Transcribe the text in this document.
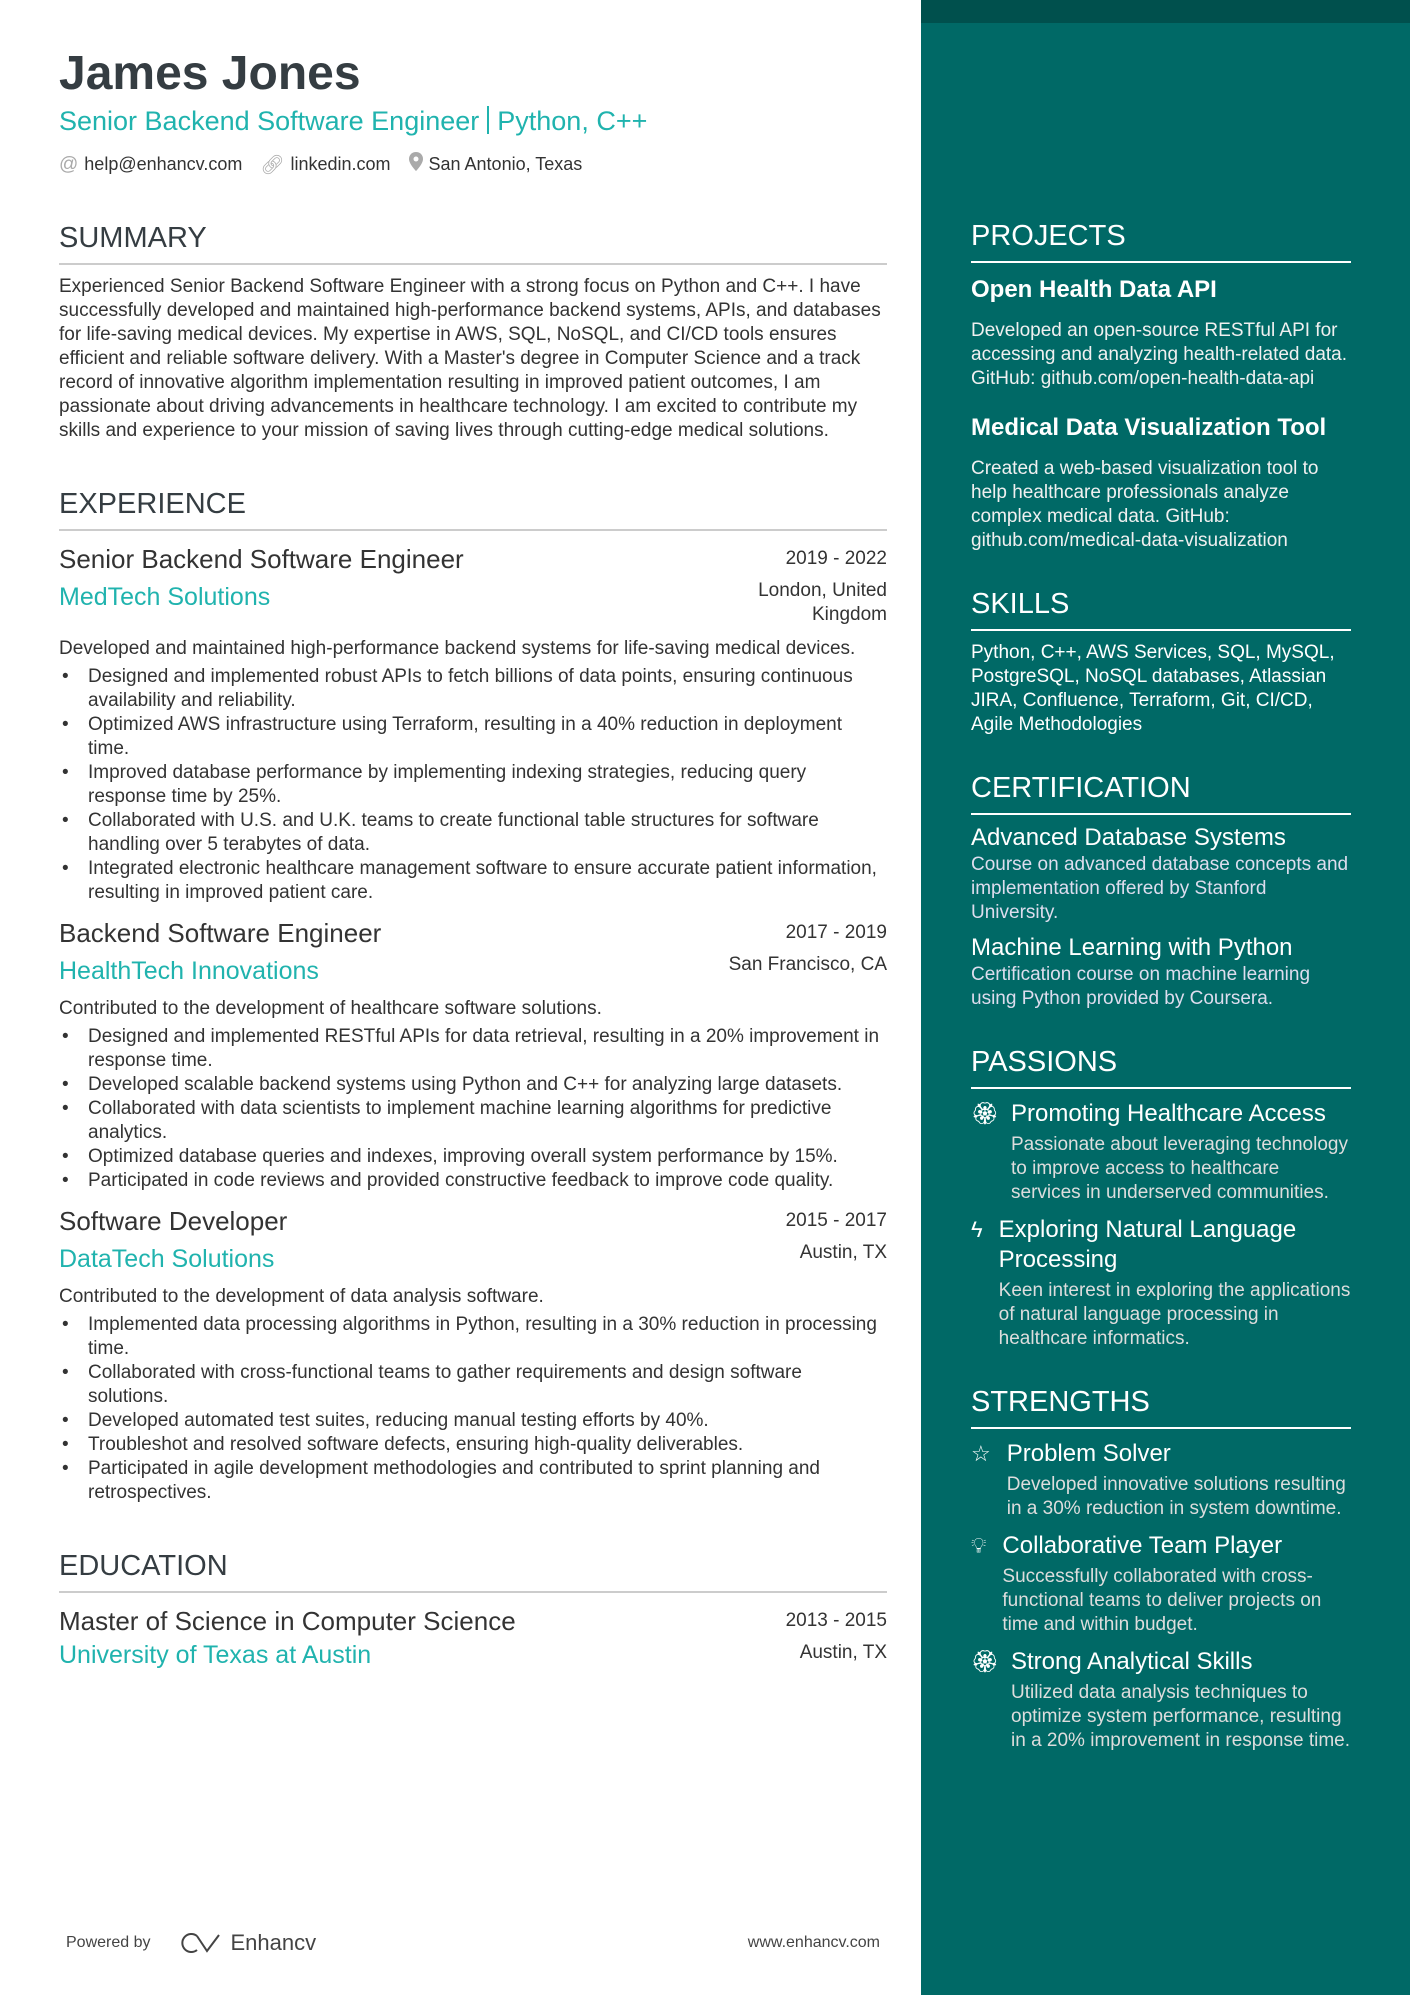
James Jones
Senior Backend Software Engineer Python, C++
@ help@enhancv.com 🔗︎ linkedin.com San Antonio, Texas
SUMMARY
Experienced Senior Backend Software Engineer with a strong focus on Python and C++. I have successfully developed and maintained high-performance backend systems, APIs, and databases for life-saving medical devices. My expertise in AWS, SQL, NoSQL, and CI/CD tools ensures efficient and reliable software delivery. With a Master's degree in Computer Science and a track record of innovative algorithm implementation resulting in improved patient outcomes, I am passionate about driving advancements in healthcare technology. I am excited to contribute my skills and experience to your mission of saving lives through cutting-edge medical solutions.
EXPERIENCE
Senior Backend Software Engineer	2019 - 2022
MedTech Solutions	London, United Kingdom
Developed and maintained high-performance backend systems for life-saving medical devices.
• Designed and implemented robust APIs to fetch billions of data points, ensuring continuous availability and reliability.
• Optimized AWS infrastructure using Terraform, resulting in a 40% reduction in deployment time.
• Improved database performance by implementing indexing strategies, reducing query response time by 25%.
• Collaborated with U.S. and U.K. teams to create functional table structures for software handling over 5 terabytes of data.
• Integrated electronic healthcare management software to ensure accurate patient information, resulting in improved patient care.
Backend Software Engineer	2017 - 2019
HealthTech Innovations	San Francisco, CA
Contributed to the development of healthcare software solutions.
• Designed and implemented RESTful APIs for data retrieval, resulting in a 20% improvement in response time.
• Developed scalable backend systems using Python and C++ for analyzing large datasets.
• Collaborated with data scientists to implement machine learning algorithms for predictive analytics.
• Optimized database queries and indexes, improving overall system performance by 15%.
• Participated in code reviews and provided constructive feedback to improve code quality.
Software Developer	2015 - 2017
DataTech Solutions	Austin, TX
Contributed to the development of data analysis software.
• Implemented data processing algorithms in Python, resulting in a 30% reduction in processing time.
• Collaborated with cross-functional teams to gather requirements and design software solutions.
• Developed automated test suites, reducing manual testing efforts by 40%.
• Troubleshot and resolved software defects, ensuring high-quality deliverables.
• Participated in agile development methodologies and contributed to sprint planning and retrospectives.
EDUCATION
Master of Science in Computer Science	2013 - 2015
University of Texas at Austin	Austin, TX
PROJECTS
Open Health Data API
Developed an open-source RESTful API for accessing and analyzing health-related data. GitHub: github.com/open-health-data-api
Medical Data Visualization Tool
Created a web-based visualization tool to help healthcare professionals analyze complex medical data. GitHub: github.com/medical-data-visualization
SKILLS
Python, C++, AWS Services, SQL, MySQL, PostgreSQL, NoSQL databases, Atlassian JIRA, Confluence, Terraform, Git, CI/CD, Agile Methodologies
CERTIFICATION
Advanced Database Systems
Course on advanced database concepts and implementation offered by Stanford University.
Machine Learning with Python
Certification course on machine learning using Python provided by Coursera.
PASSIONS
🏵︎ Promoting Healthcare Access
Passionate about leveraging technology to improve access to healthcare services in underserved communities.
ϟ Exploring Natural Language Processing
Keen interest in exploring the applications of natural language processing in healthcare informatics.
STRENGTHS
☆ Problem Solver
Developed innovative solutions resulting in a 30% reduction in system downtime.
💡︎ Collaborative Team Player
Successfully collaborated with cross-functional teams to deliver projects on time and within budget.
🏵︎ Strong Analytical Skills
Utilized data analysis techniques to optimize system performance, resulting in a 20% improvement in response time.
Powered by	Enhancv	www.enhancv.com
